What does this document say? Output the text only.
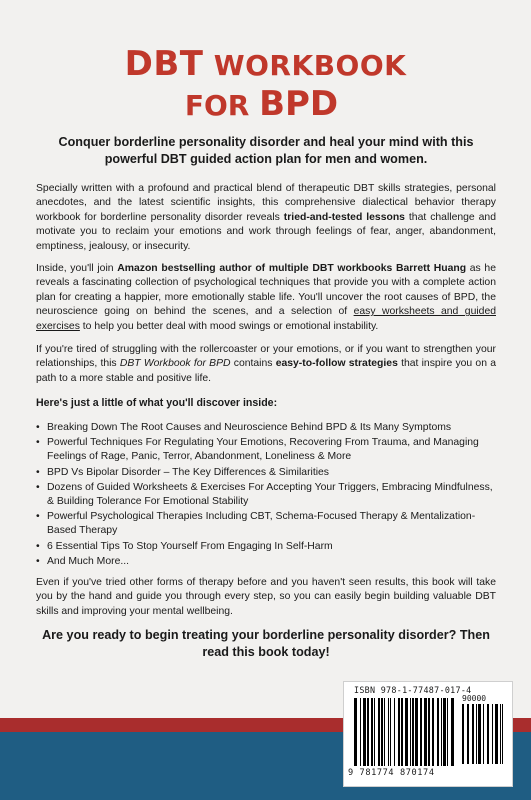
DBT WORKBOOK
FOR BPD
Conquer borderline personality disorder and heal your mind with this powerful DBT guided action plan for men and women.
Specially written with a profound and practical blend of therapeutic DBT skills strategies, personal anecdotes, and the latest scientific insights, this comprehensive dialectical behavior therapy workbook for borderline personality disorder reveals tried-and-tested lessons that challenge and motivate you to reclaim your emotions and work through feelings of fear, anger, abandonment, emptiness, jealousy, or insecurity.
Inside, you'll join Amazon bestselling author of multiple DBT workbooks Barrett Huang as he reveals a fascinating collection of psychological techniques that provide you with a complete action plan for creating a happier, more emotionally stable life. You'll uncover the root causes of BPD, the neuroscience going on behind the scenes, and a selection of easy worksheets and guided exercises to help you better deal with mood swings or emotional instability.
If you're tired of struggling with the rollercoaster or your emotions, or if you want to strengthen your relationships, this DBT Workbook for BPD contains easy-to-follow strategies that inspire you on a path to a more stable and positive life.
Here's just a little of what you'll discover inside:
• Breaking Down The Root Causes and Neuroscience Behind BPD & Its Many Symptoms
• Powerful Techniques For Regulating Your Emotions, Recovering From Trauma, and Managing Feelings of Rage, Panic, Terror, Abandonment, Loneliness & More
• BPD Vs Bipolar Disorder – The Key Differences & Similarities
• Dozens of Guided Worksheets & Exercises For Accepting Your Triggers, Embracing Mindfulness, & Building Tolerance For Emotional Stability
• Powerful Psychological Therapies Including CBT, Schema-Focused Therapy & Mentalization-Based Therapy
• 6 Essential Tips To Stop Yourself From Engaging In Self-Harm
• And Much More...
Even if you've tried other forms of therapy before and you haven't seen results, this book will take you by the hand and guide you through every step, so you can easily begin building valuable DBT skills and improving your mental wellbeing.
Are you ready to begin treating your borderline personality disorder? Then read this book today!
ISBN 978-1-77487-017-4
90000
9 781774 870174
